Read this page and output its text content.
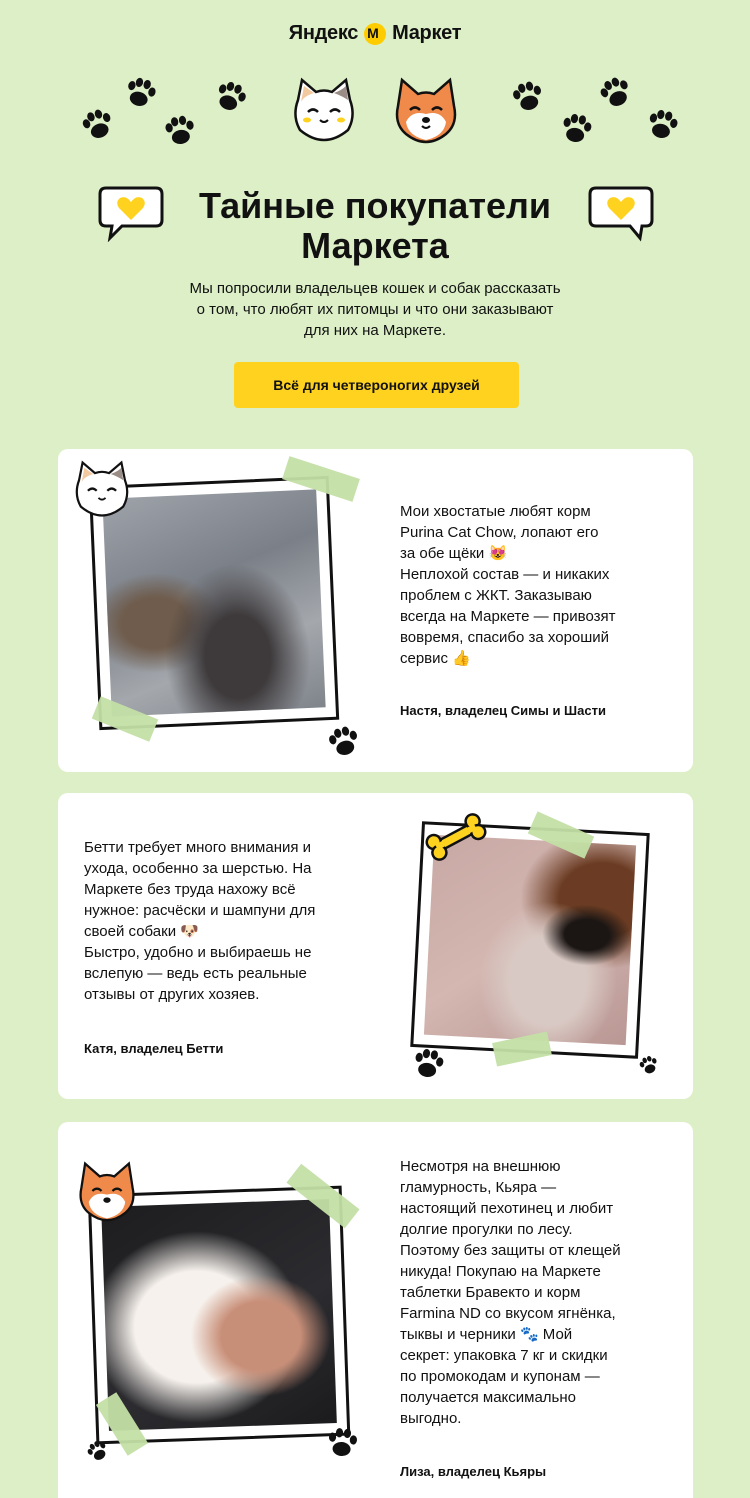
Яндекс
M Маркет
Тайные покупатели
Маркета
Мы попросили владельцев кошек и собак рассказать
о том, что любят их питомцы и что они заказывают
для них на Маркете.
Всё для четвероногих друзей
Мои хвостатые любят корм
Purina Cat Chow, лопают его
за обе щёки 😻
Неплохой состав — и никаких
проблем с ЖКТ. Заказываю
всегда на Маркете — привозят
вовремя, спасибо за хороший
сервис 👍
Настя, владелец Симы и Шасти
Бетти требует много внимания и
ухода, особенно за шерстью. На
Маркете без труда нахожу всё
нужное: расчёски и шампуни для
своей собаки 🐶
Быстро, удобно и выбираешь не
вслепую — ведь есть реальные
отзывы от других хозяев.
Катя, владелец Бетти
Несмотря на внешнюю
гламурность, Кьяра —
настоящий пехотинец и любит
долгие прогулки по лесу.
Поэтому без защиты от клещей
никуда! Покупаю на Маркете
таблетки Бравекто и корм
Farmina ND со вкусом ягнёнка,
тыквы и черники 🐾 Мой
секрет: упаковка 7 кг и скидки
по промокодам и купонам —
получается максимально
выгодно.
Лиза, владелец Кьяры
